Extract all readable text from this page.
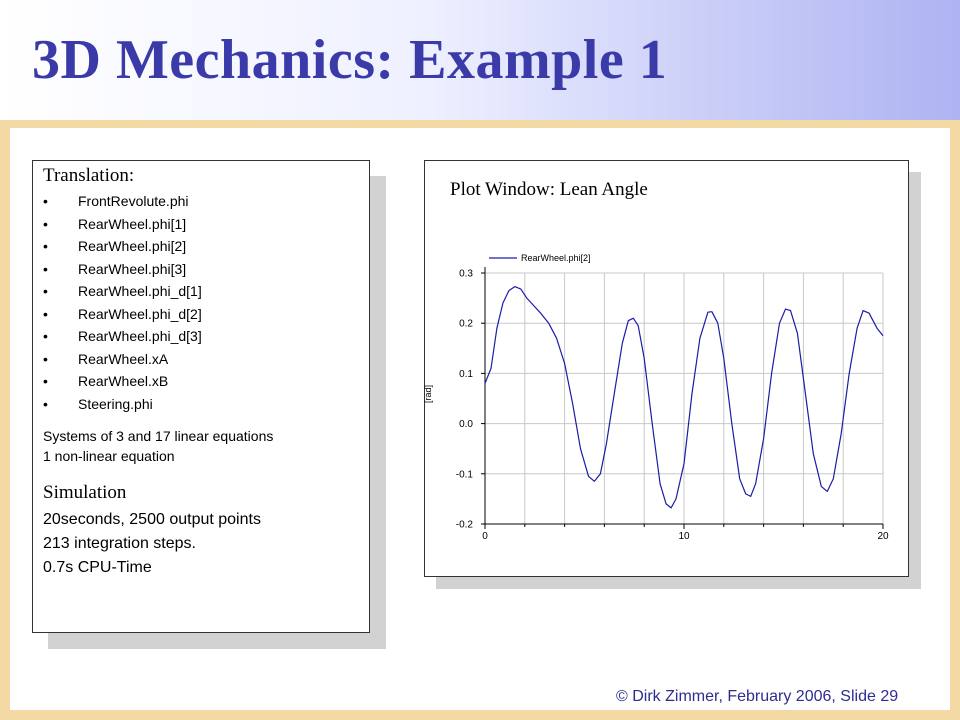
3D Mechanics: Example 1
Translation:
• FrontRevolute.phi
• RearWheel.phi[1]
• RearWheel.phi[2]
• RearWheel.phi[3]
• RearWheel.phi_d[1]
• RearWheel.phi_d[2]
• RearWheel.phi_d[3]
• RearWheel.xA
• RearWheel.xB
• Steering.phi
Systems of 3 and 17 linear equations
1 non-linear equation
Simulation
20seconds, 2500 output points
213 integration steps.
0.7s CPU-Time
Plot Window: Lean Angle
0.3
0.2
0.1
0.0
-0.1
-0.2
0	10	20
[rad]
RearWheel.phi[2]
© Dirk Zimmer, February 2006, Slide 29
